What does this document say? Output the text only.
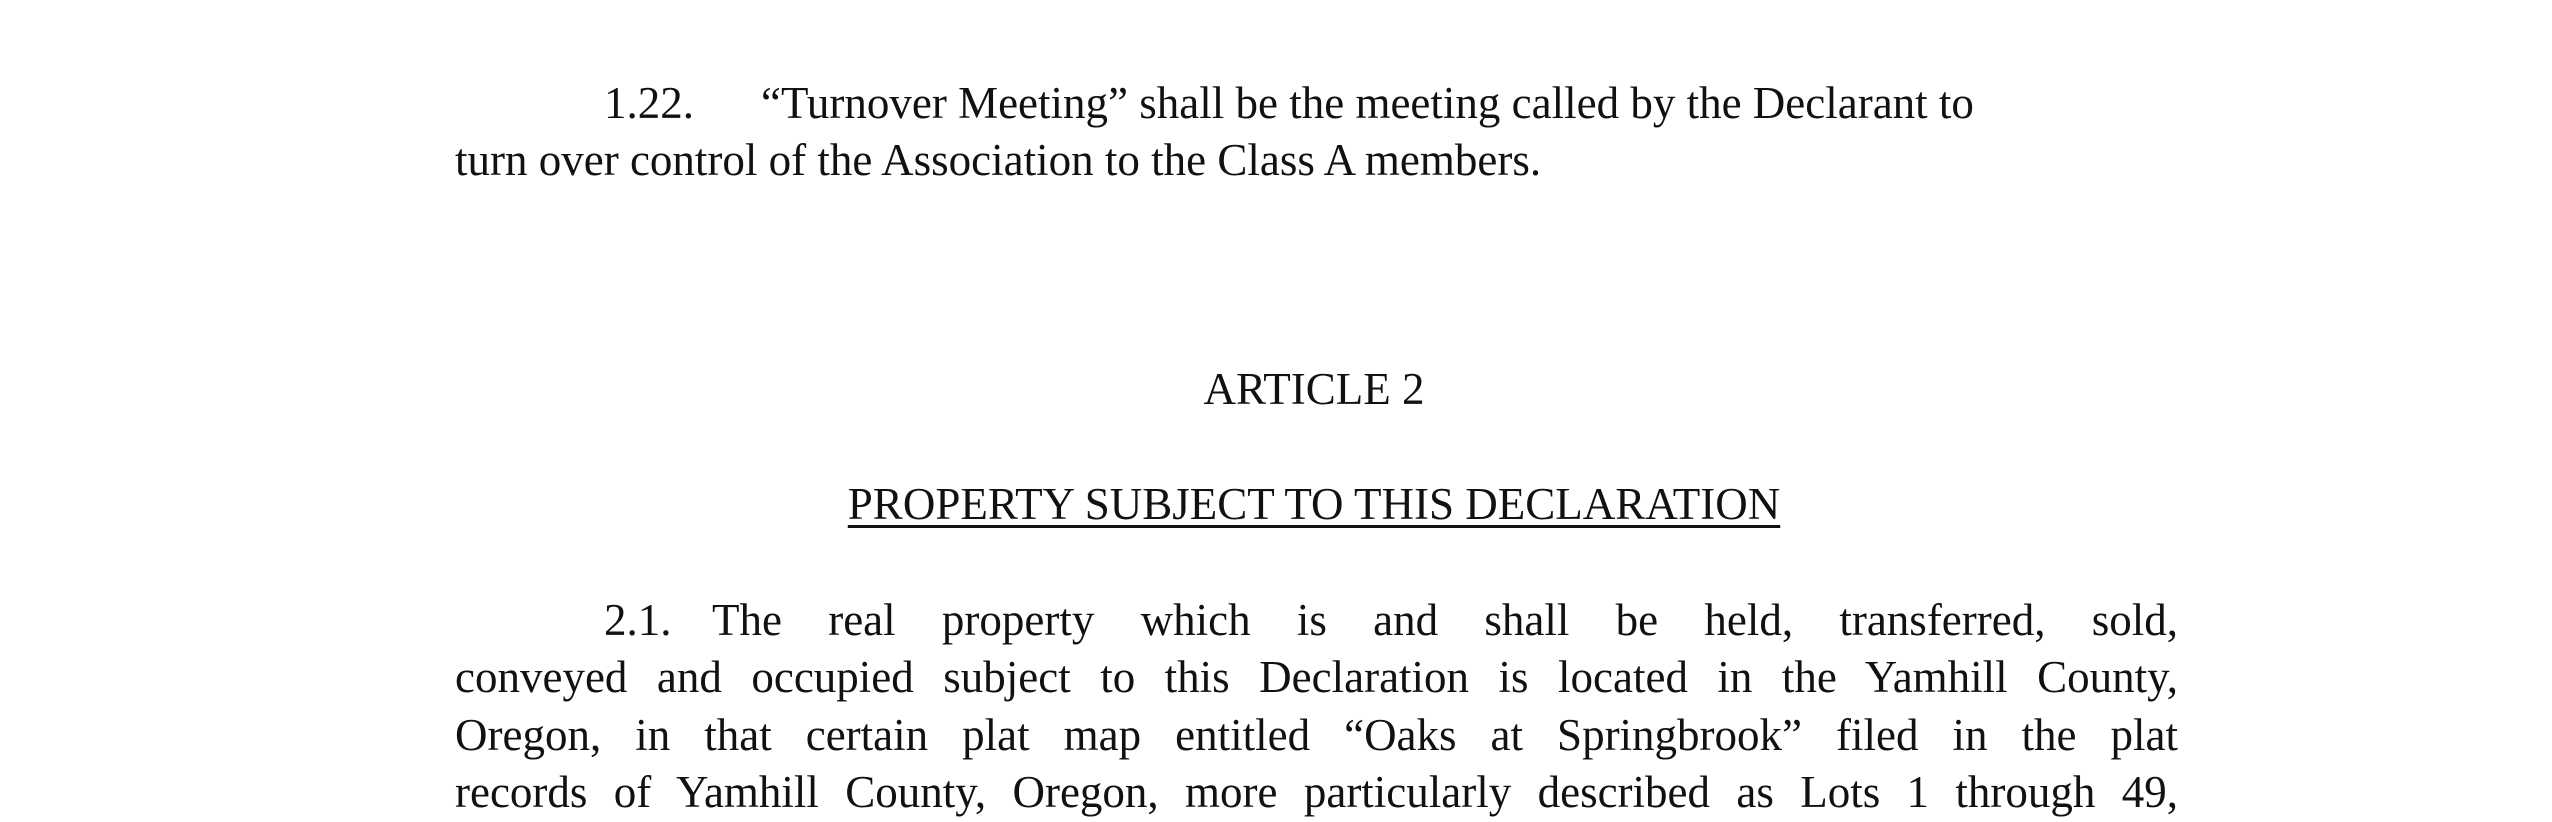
1.22. “Turnover Meeting” shall be the meeting called by the Declarant to
turn over control of the Association to the Class A members.
ARTICLE 2
PROPERTY SUBJECT TO THIS DECLARATION
2.1. The real property which is and shall be held, transferred, sold,
conveyed and occupied subject to this Declaration is located in the Yamhill County,
Oregon, in that certain plat map entitled “Oaks at Springbrook” filed in the plat
records of Yamhill County, Oregon, more particularly described as Lots 1 through 49,
